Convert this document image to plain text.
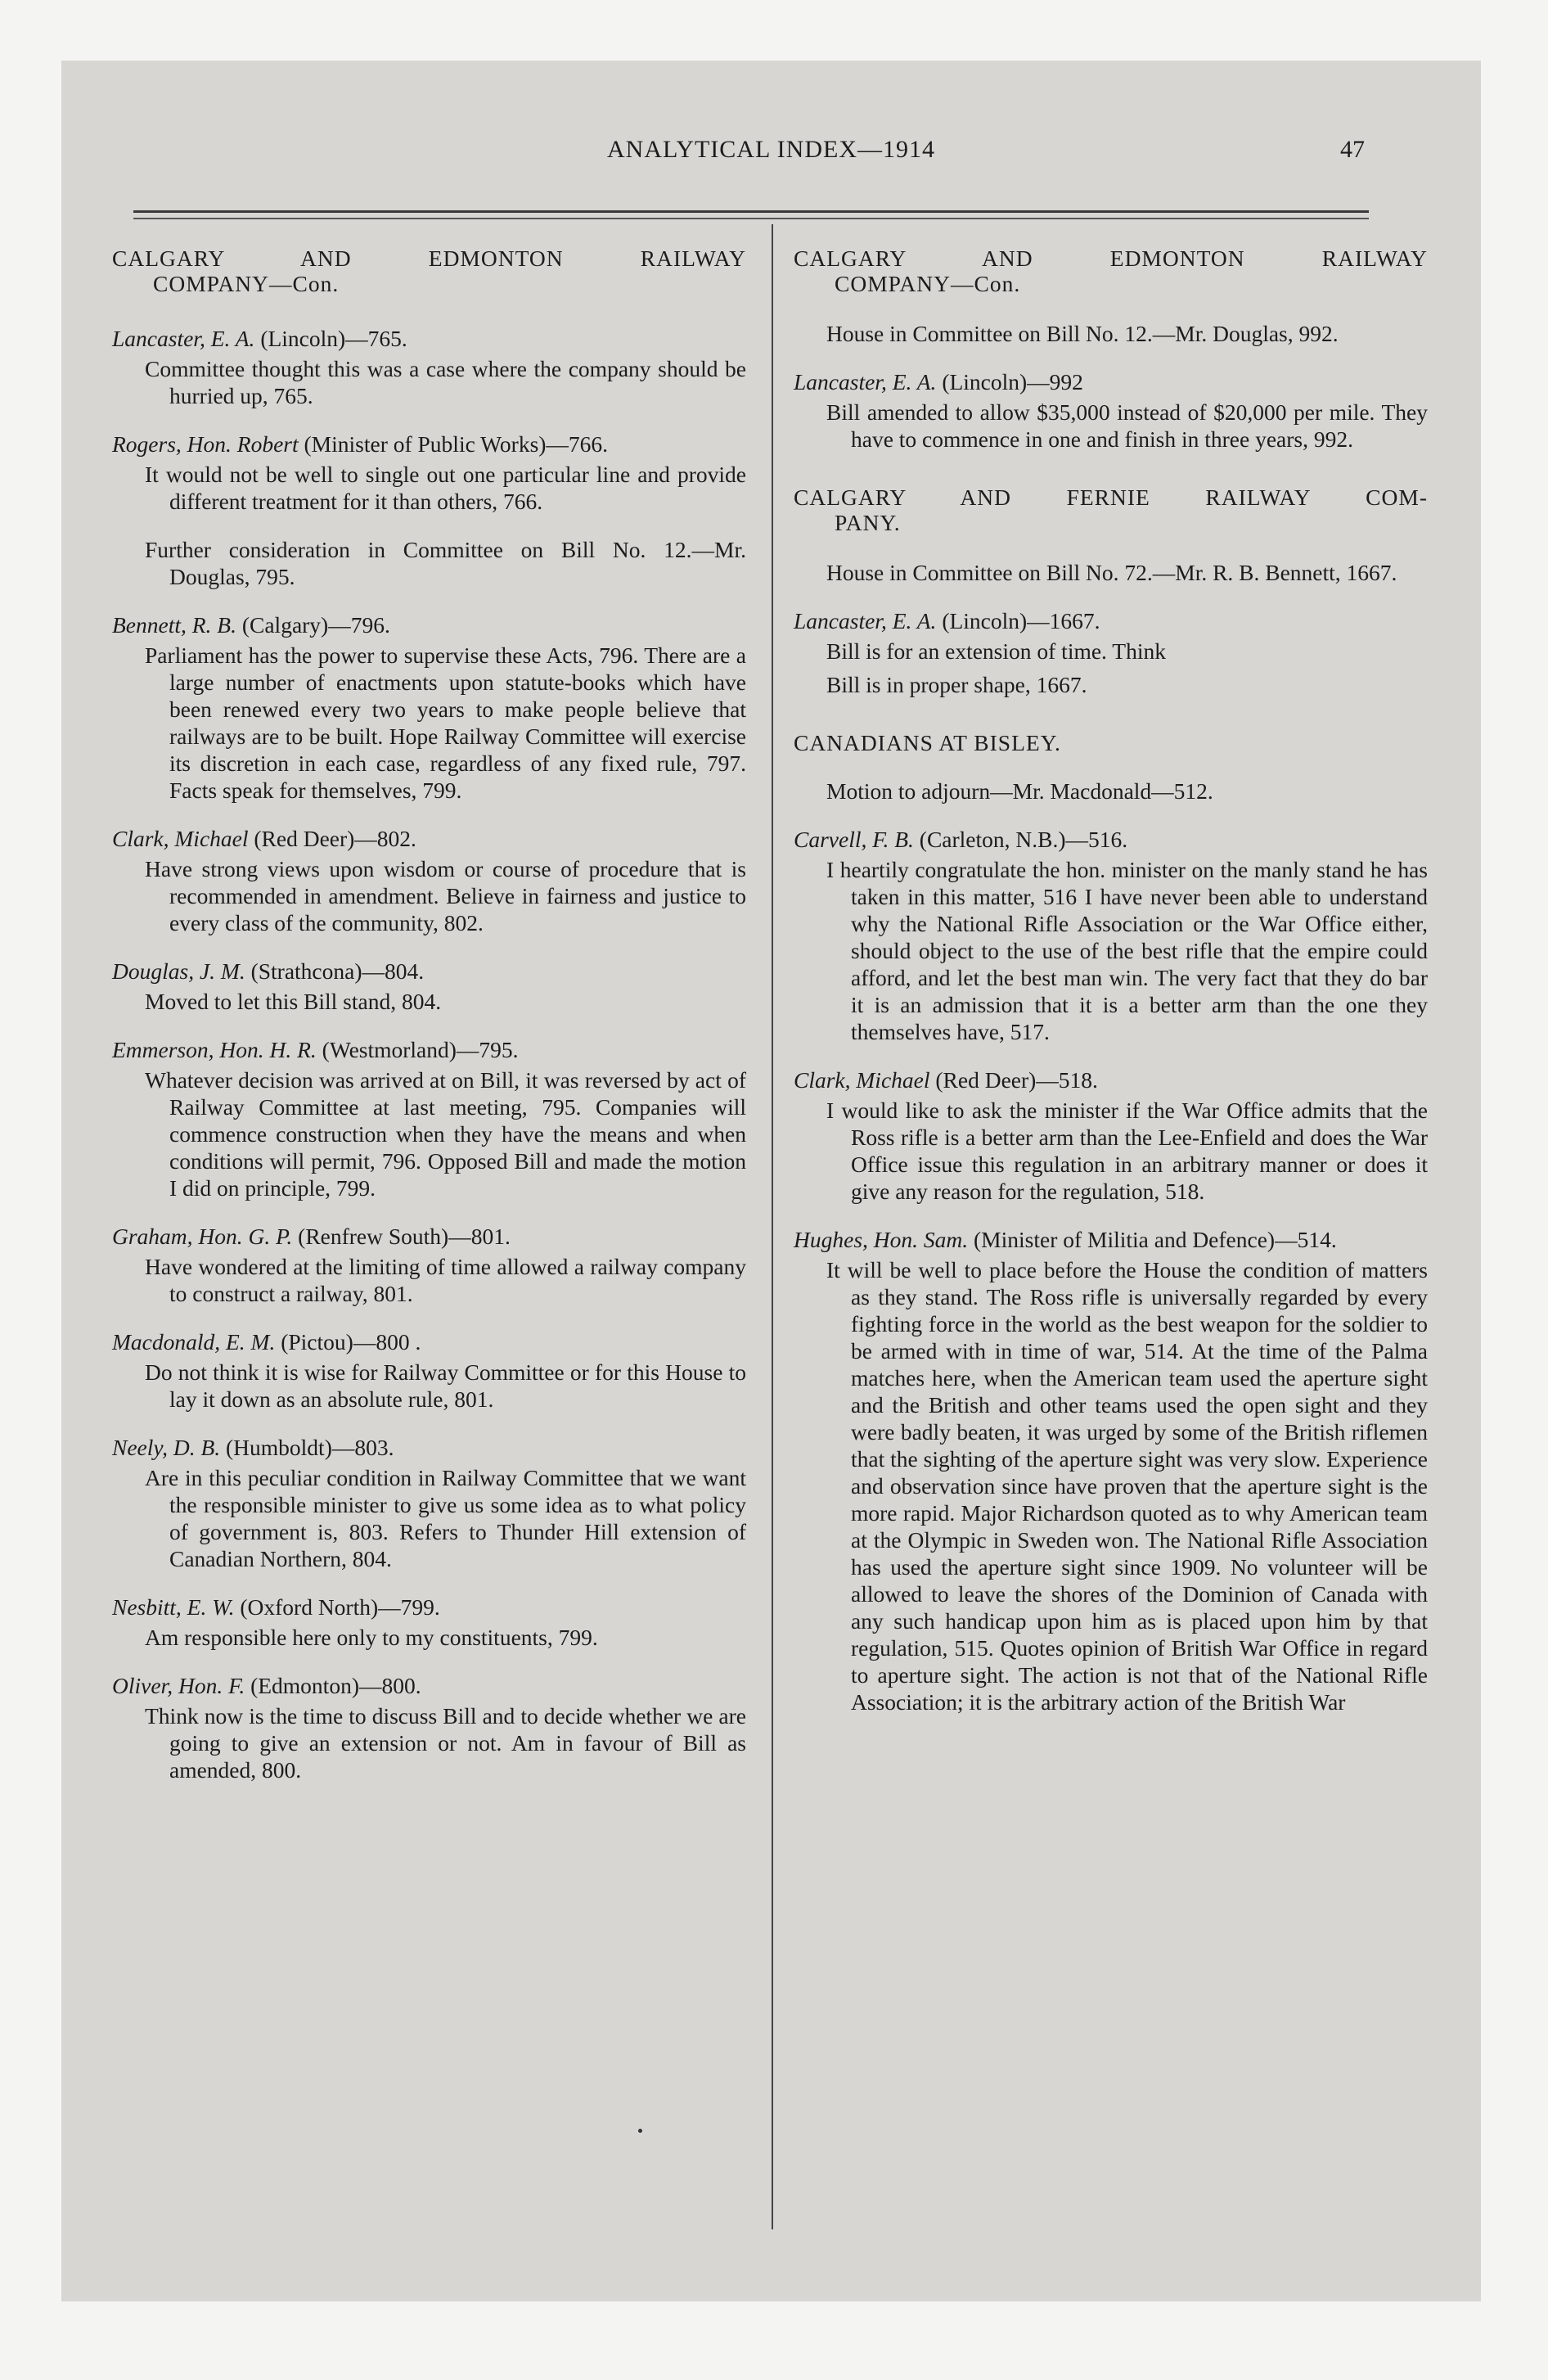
ANALYTICAL INDEX—1914	47

CALGARY AND EDMONTON RAILWAY

COMPANY—Con.
Lancaster, E. A. (Lincoln)—765.

Committee thought this was a case where the company should be hurried up, 765.

Rogers, Hon. Robert (Minister of Public Works)—766.

It would not be well to single out one particular line and provide different treatment for it than others, 766.

Further consideration in Committee on Bill No. 12.—Mr. Douglas, 795.

Bennett, R. B. (Calgary)—796.

Parliament has the power to supervise these Acts, 796. There are a large number of enactments upon statute-books which have been renewed every two years to make people believe that railways are to be built. Hope Railway Committee will exercise its discretion in each case, regardless of any fixed rule, 797. Facts speak for themselves, 799.

Clark, Michael (Red Deer)—802.

Have strong views upon wisdom or course of procedure that is recommended in amendment. Believe in fairness and justice to every class of the community, 802.

Douglas, J. M. (Strathcona)—804.

Moved to let this Bill stand, 804.

Emmerson, Hon. H. R. (Westmorland)—795.

Whatever decision was arrived at on Bill, it was reversed by act of Railway Committee at last meeting, 795. Companies will commence construction when they have the means and when conditions will permit, 796. Opposed Bill and made the motion I did on principle, 799.

Graham, Hon. G. P. (Renfrew South)—801.

Have wondered at the limiting of time allowed a railway company to construct a railway, 801.

Macdonald, E. M. (Pictou)—800 .

Do not think it is wise for Railway Committee or for this House to lay it down as an absolute rule, 801.

Neely, D. B. (Humboldt)—803.

Are in this peculiar condition in Railway Committee that we want the responsible minister to give us some idea as to what policy of government is, 803. Refers to Thunder Hill extension of Canadian Northern, 804.

Nesbitt, E. W. (Oxford North)—799.

Am responsible here only to my constituents, 799.

Oliver, Hon. F. (Edmonton)—800.

Think now is the time to discuss Bill and to decide whether we are going to give an extension or not. Am in favour of Bill as amended, 800.

CALGARY AND EDMONTON RAILWAY

COMPANY—Con.

House in Committee on Bill No. 12.—Mr. Douglas, 992.

Lancaster, E. A. (Lincoln)—992

Bill amended to allow $35,000 instead of $20,000 per mile. They have to commence in one and finish in three years, 992.

CALGARY AND FERNIE RAILWAY COM-

PANY.

House in Committee on Bill No. 72.—Mr. R. B. Bennett, 1667.

Lancaster, E. A. (Lincoln)—1667.

Bill is for an extension of time. Think

Bill is in proper shape, 1667.

CANADIANS AT BISLEY.

Motion to adjourn—Mr. Macdonald—512.

Carvell, F. B. (Carleton, N.B.)—516.

I heartily congratulate the hon. minister on the manly stand he has taken in this matter, 516 I have never been able to understand why the National Rifle Association or the War Office either, should object to the use of the best rifle that the empire could afford, and let the best man win. The very fact that they do bar it is an admission that it is a better arm than the one they themselves have, 517.

Clark, Michael (Red Deer)—518.

I would like to ask the minister if the War Office admits that the Ross rifle is a better arm than the Lee-Enfield and does the War Office issue this regulation in an arbitrary manner or does it give any reason for the regulation, 518.

Hughes, Hon. Sam. (Minister of Militia and Defence)—514.

It will be well to place before the House the condition of matters as they stand. The Ross rifle is universally regarded by every fighting force in the world as the best weapon for the soldier to be armed with in time of war, 514. At the time of the Palma matches here, when the American team used the aperture sight and the British and other teams used the open sight and they were badly beaten, it was urged by some of the British riflemen that the sighting of the aperture sight was very slow. Experience and observation since have proven that the aperture sight is the more rapid. Major Richardson quoted as to why American team at the Olympic in Sweden won. The National Rifle Association has used the aperture sight since 1909. No volunteer will be allowed to leave the shores of the Dominion of Canada with any such handicap upon him as is placed upon him by that regulation, 515. Quotes opinion of British War Office in regard to aperture sight. The action is not that of the National Rifle Association; it is the arbitrary action of the British War
